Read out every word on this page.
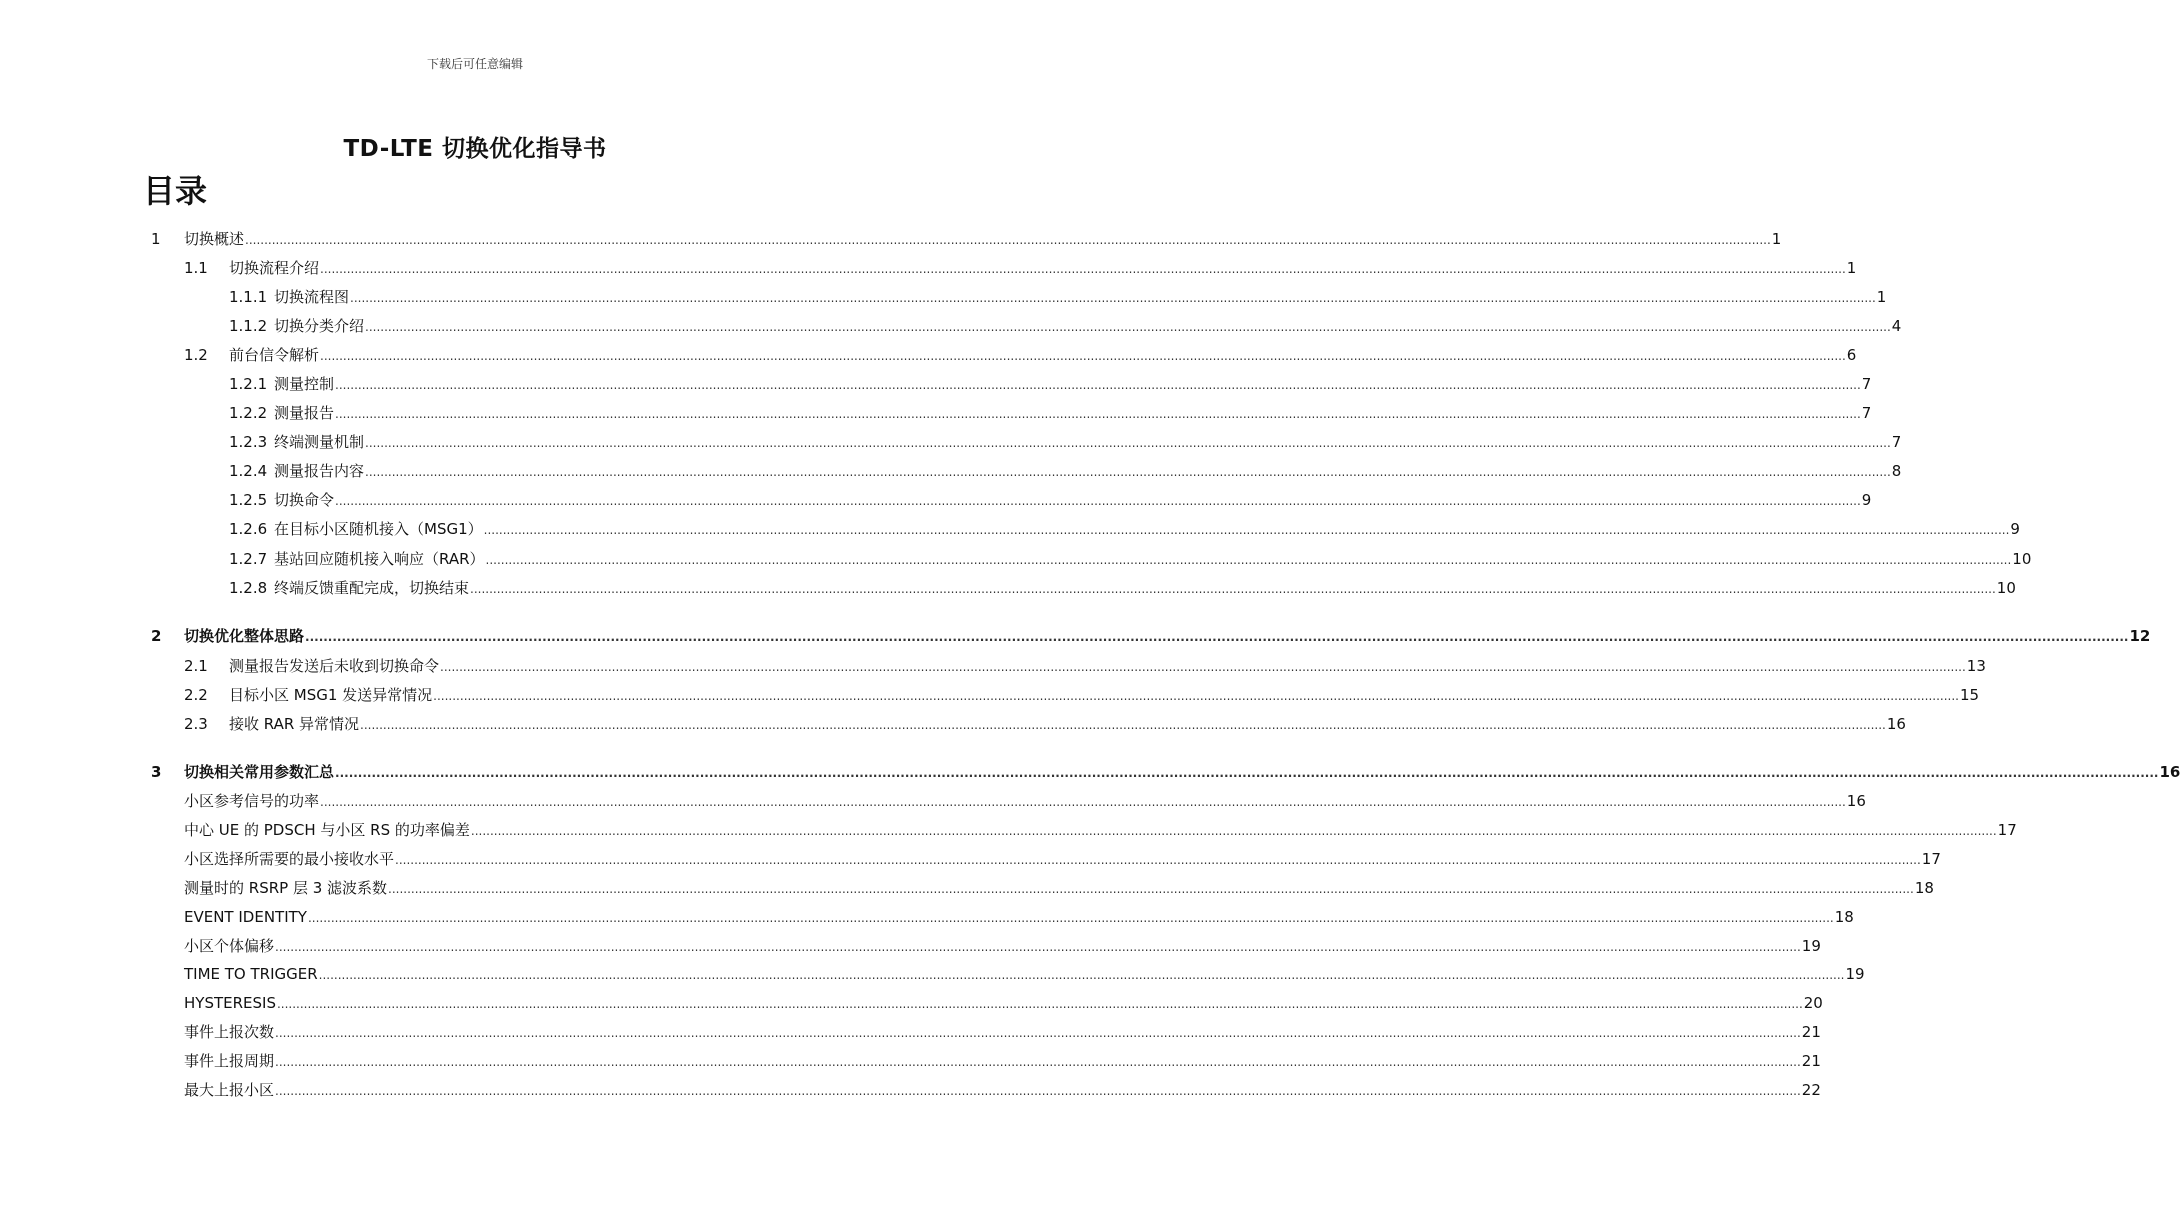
下载后可任意编辑
TD-LTE 切换优化指导书
目录
1	切换概述 ................................................................................................................................................................................................................................................................................................................................................................................................................ 1
1.1	切换流程介绍 ................................................................................................................................................................................................................................................................................................................................................................................................................ 1
1.1.1 切换流程图 ................................................................................................................................................................................................................................................................................................................................................................................................................ 1
1.1.2 切换分类介绍 ................................................................................................................................................................................................................................................................................................................................................................................................................ 4
1.2	前台信令解析 ................................................................................................................................................................................................................................................................................................................................................................................................................ 6
1.2.1 测量控制 ................................................................................................................................................................................................................................................................................................................................................................................................................ 7
1.2.2 测量报告 ................................................................................................................................................................................................................................................................................................................................................................................................................ 7
1.2.3 终端测量机制 ................................................................................................................................................................................................................................................................................................................................................................................................................ 7
1.2.4 测量报告内容 ................................................................................................................................................................................................................................................................................................................................................................................................................ 8
1.2.5 切换命令 ................................................................................................................................................................................................................................................................................................................................................................................................................ 9
1.2.6 在目标小区随机接入（MSG1） ................................................................................................................................................................................................................................................................................................................................................................................................................ 9
1.2.7 基站回应随机接入响应（RAR） ................................................................................................................................................................................................................................................................................................................................................................................................................ 10
1.2.8 终端反馈重配完成，切换结束 ................................................................................................................................................................................................................................................................................................................................................................................................................ 10
2	切换优化整体思路 ................................................................................................................................................................................................................................................................................................................................................................................................................ 12
2.1	测量报告发送后未收到切换命令 ................................................................................................................................................................................................................................................................................................................................................................................................................ 13
2.2	目标小区 MSG1 发送异常情况 ................................................................................................................................................................................................................................................................................................................................................................................................................ 15
2.3	接收 RAR 异常情况 ................................................................................................................................................................................................................................................................................................................................................................................................................ 16
3	切换相关常用参数汇总 ................................................................................................................................................................................................................................................................................................................................................................................................................ 16
小区参考信号的功率 ................................................................................................................................................................................................................................................................................................................................................................................................................ 16
中心 UE 的 PDSCH 与小区 RS 的功率偏差 ................................................................................................................................................................................................................................................................................................................................................................................................................ 17
小区选择所需要的最小接收水平 ................................................................................................................................................................................................................................................................................................................................................................................................................ 17
测量时的 RSRP 层 3 滤波系数 ................................................................................................................................................................................................................................................................................................................................................................................................................ 18
EVENT IDENTITY ................................................................................................................................................................................................................................................................................................................................................................................................................ 18
小区个体偏移 ................................................................................................................................................................................................................................................................................................................................................................................................................ 19
TIME TO TRIGGER ................................................................................................................................................................................................................................................................................................................................................................................................................ 19
HYSTERESIS ................................................................................................................................................................................................................................................................................................................................................................................................................ 20
事件上报次数 ................................................................................................................................................................................................................................................................................................................................................................................................................ 21
事件上报周期 ................................................................................................................................................................................................................................................................................................................................................................................................................ 21
最大上报小区 ................................................................................................................................................................................................................................................................................................................................................................................................................ 22
